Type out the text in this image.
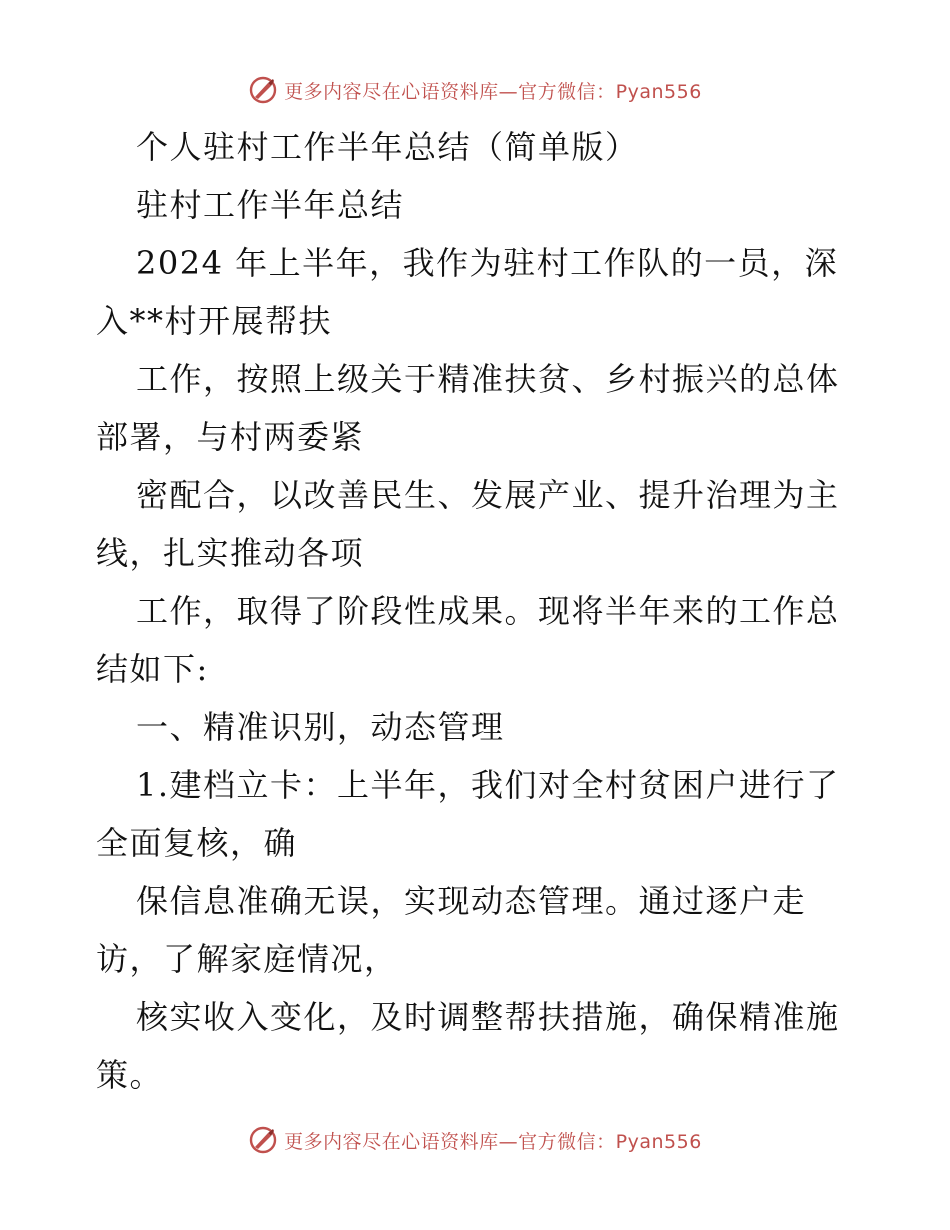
更多内容尽在心语资料库—官方微信：Pyan556
个人驻村工作半年总结（简单版）
驻村工作半年总结
2024 年上半年，我作为驻村工作队的一员，深
入**村开展帮扶
工作，按照上级关于精准扶贫、乡村振兴的总体
部署，与村两委紧
密配合，以改善民生、发展产业、提升治理为主
线，扎实推动各项
工作，取得了阶段性成果。现将半年来的工作总
结如下:
一、精准识别，动态管理
1.建档立卡：上半年，我们对全村贫困户进行了
全面复核，确
保信息准确无误，实现动态管理。通过逐户走
访，了解家庭情况，
核实收入变化，及时调整帮扶措施，确保精准施
策。
更多内容尽在心语资料库—官方微信：Pyan556
